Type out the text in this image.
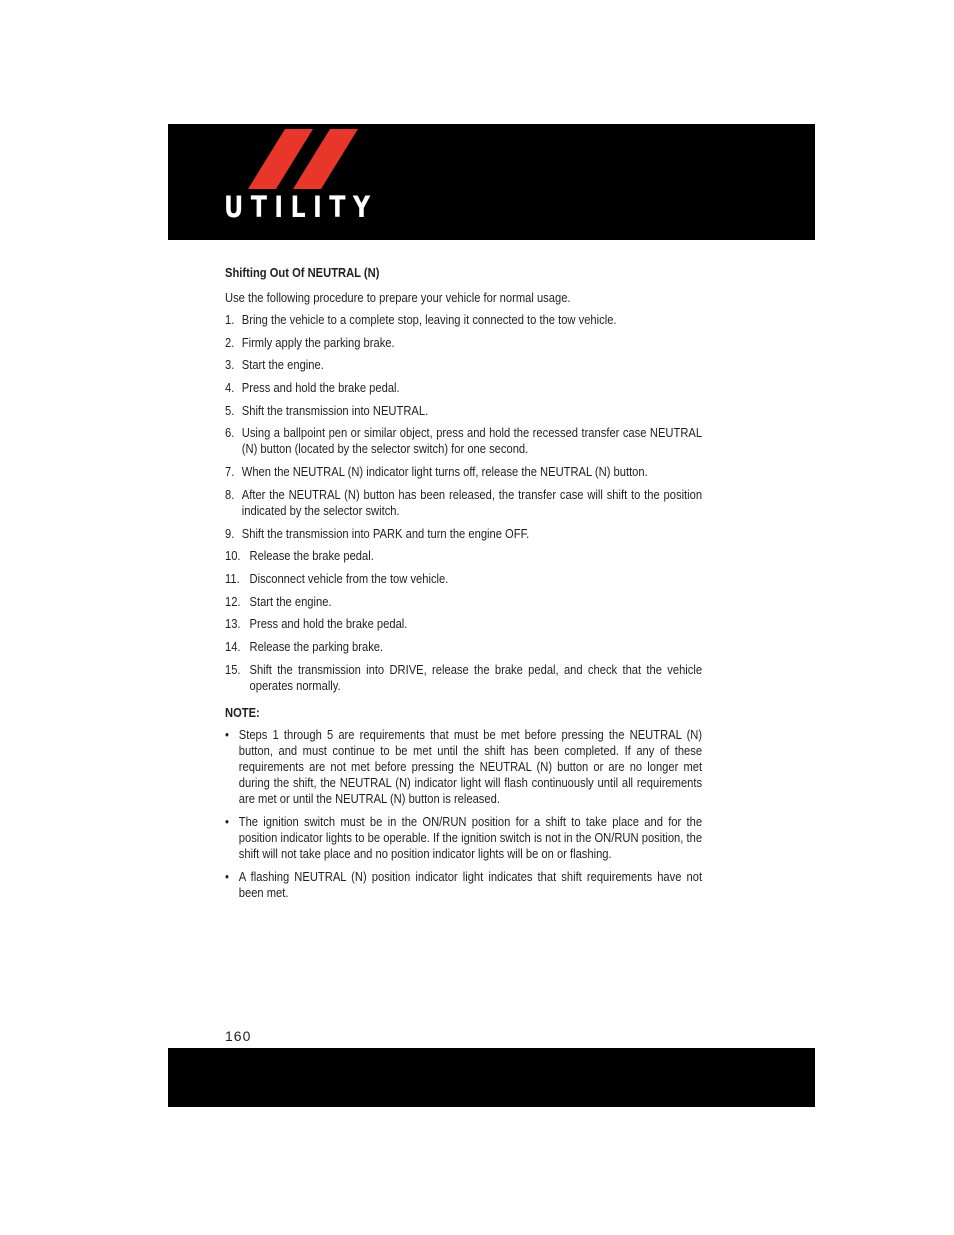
UTILITY
Shifting Out Of NEUTRAL (N)

Use the following procedure to prepare your vehicle for normal usage.

1. Bring the vehicle to a complete stop, leaving it connected to the tow vehicle.
2. Firmly apply the parking brake.
3. Start the engine.
4. Press and hold the brake pedal.
5. Shift the transmission into NEUTRAL.
6. Using a ballpoint pen or similar object, press and hold the recessed transfer case NEUTRAL (N) button (located by the selector switch) for one second.
7. When the NEUTRAL (N) indicator light turns off, release the NEUTRAL (N) button.
8. After the NEUTRAL (N) button has been released, the transfer case will shift to the position indicated by the selector switch.
9. Shift the transmission into PARK and turn the engine OFF.
10. Release the brake pedal.
11. Disconnect vehicle from the tow vehicle.
12. Start the engine.
13. Press and hold the brake pedal.
14. Release the parking brake.
15. Shift the transmission into DRIVE, release the brake pedal, and check that the vehicle operates normally.
NOTE:
• Steps 1 through 5 are requirements that must be met before pressing the NEUTRAL (N) button, and must continue to be met until the shift has been completed. If any of these requirements are not met before pressing the NEUTRAL (N) button or are no longer met during the shift, the NEUTRAL (N) indicator light will flash continuously until all requirements are met or until the NEUTRAL (N) button is released.
• The ignition switch must be in the ON/RUN position for a shift to take place and for the position indicator lights to be operable. If the ignition switch is not in the ON/RUN position, the shift will not take place and no position indicator lights will be on or flashing.
• A flashing NEUTRAL (N) position indicator light indicates that shift requirements have not been met.
160
